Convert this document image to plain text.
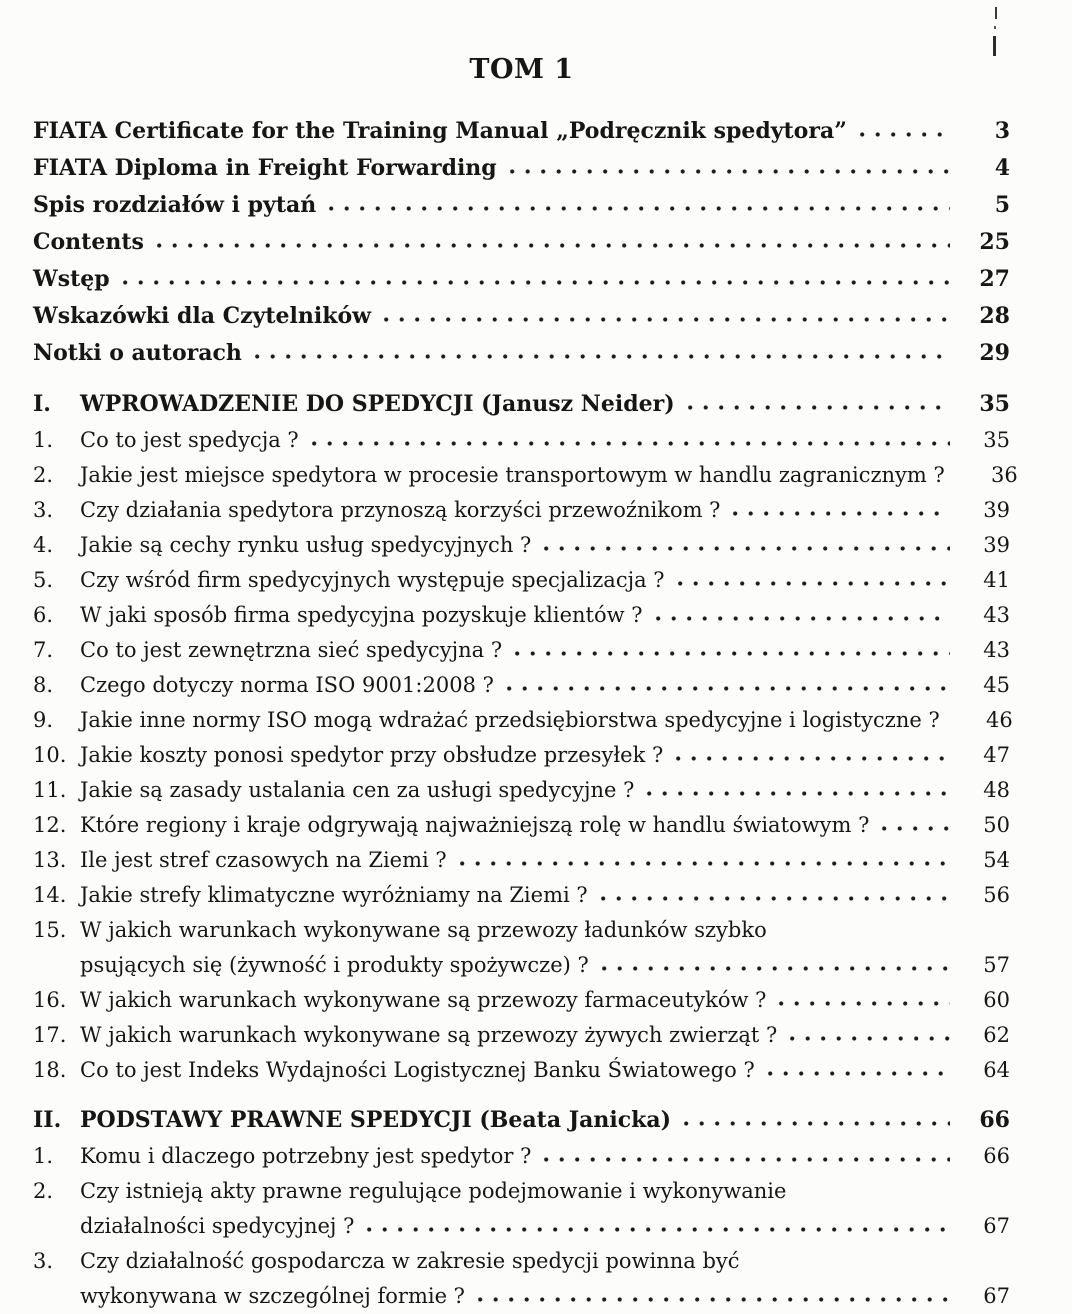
TOM 1
FIATA Certificate for the Training Manual „Podręcznik spedytora”	3
FIATA Diploma in Freight Forwarding	4
Spis rozdziałów i pytań	5
Contents	25
Wstęp	27
Wskazówki dla Czytelników	28
Notki o autorach	29
I.	WPROWADZENIE DO SPEDYCJI (Janusz Neider)	35
1.	Co to jest spedycja ?	35
2.	Jakie jest miejsce spedytora w procesie transportowym w handlu zagranicznym ?	36
3.	Czy działania spedytora przynoszą korzyści przewoźnikom ?	39
4.	Jakie są cechy rynku usług spedycyjnych ?	39
5.	Czy wśród firm spedycyjnych występuje specjalizacja ?	41
6.	W jaki sposób firma spedycyjna pozyskuje klientów ?	43
7.	Co to jest zewnętrzna sieć spedycyjna ?	43
8.	Czego dotyczy norma ISO 9001:2008 ?	45
9.	Jakie inne normy ISO mogą wdrażać przedsiębiorstwa spedycyjne i logistyczne ?	46
10. Jakie koszty ponosi spedytor przy obsłudze przesyłek ?	47
11. Jakie są zasady ustalania cen za usługi spedycyjne ?	48
12. Które regiony i kraje odgrywają najważniejszą rolę w handlu światowym ?	50
13. Ile jest stref czasowych na Ziemi ?	54
14. Jakie strefy klimatyczne wyróżniamy na Ziemi ?	56
15. W jakich warunkach wykonywane są przewozy ładunków szybko
psujących się (żywność i produkty spożywcze) ?	57
16. W jakich warunkach wykonywane są przewozy farmaceutyków ?	60
17. W jakich warunkach wykonywane są przewozy żywych zwierząt ?	62
18. Co to jest Indeks Wydajności Logistycznej Banku Światowego ?	64
II. PODSTAWY PRAWNE SPEDYCJI (Beata Janicka)	66
1.	Komu i dlaczego potrzebny jest spedytor ?	66
2.	Czy istnieją akty prawne regulujące podejmowanie i wykonywanie
działalności spedycyjnej ?	67
3.	Czy działalność gospodarcza w zakresie spedycji powinna być
wykonywana w szczególnej formie ?	67
